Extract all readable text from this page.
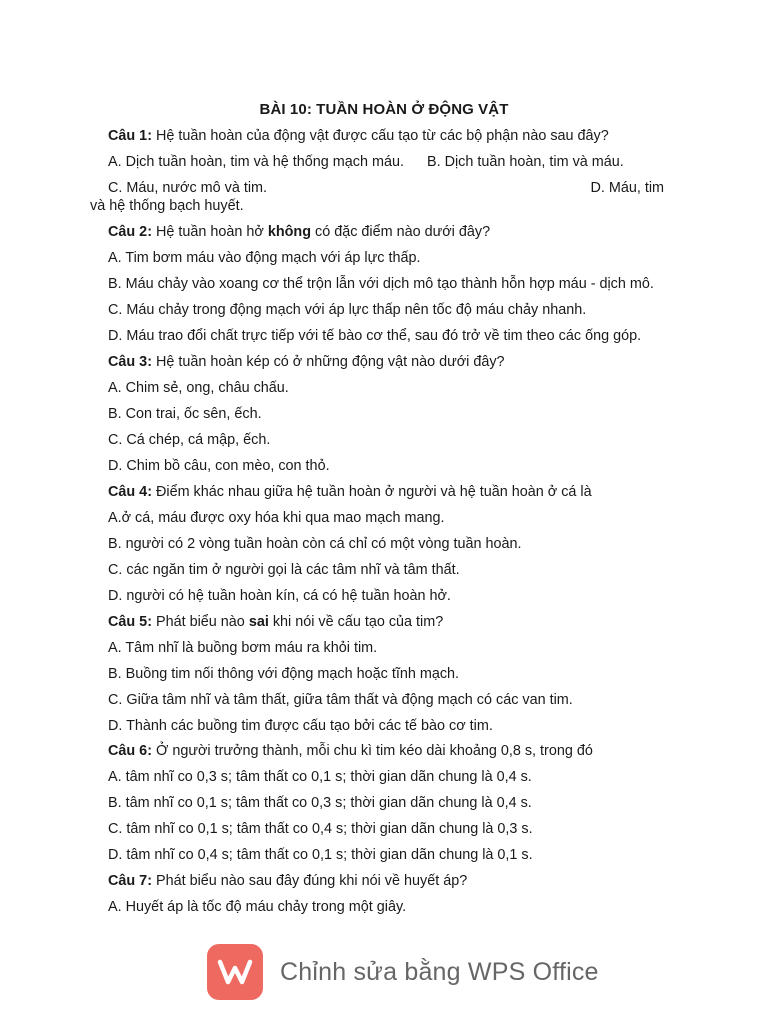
BÀI 10: TUẦN HOÀN Ở ĐỘNG VẬT
Câu 1: Hệ tuần hoàn của động vật được cấu tạo từ các bộ phận nào sau đây?
A. Dịch tuần hoàn, tim và hệ thống mạch máu. B. Dịch tuần hoàn, tim và máu.
C. Máu, nước mô và tim.	D. Máu, tim
và hệ thống bạch huyết.
Câu 2: Hệ tuần hoàn hở không có đặc điểm nào dưới đây?
A. Tim bơm máu vào động mạch với áp lực thấp.
B. Máu chảy vào xoang cơ thể trộn lẫn với dịch mô tạo thành hỗn hợp máu - dịch mô.
C. Máu chảy trong động mạch với áp lực thấp nên tốc độ máu chảy nhanh.
D. Máu trao đổi chất trực tiếp với tế bào cơ thể, sau đó trở về tim theo các ống góp.
Câu 3: Hệ tuần hoàn kép có ở những động vật nào dưới đây?
A. Chim sẻ, ong, châu chấu.
B. Con trai, ốc sên, ếch.
C. Cá chép, cá mập, ếch.
D. Chim bồ câu, con mèo, con thỏ.
Câu 4: Điểm khác nhau giữa hệ tuần hoàn ở người và hệ tuần hoàn ở cá là
A.ở cá, máu được oxy hóa khi qua mao mạch mang.
B. người có 2 vòng tuần hoàn còn cá chỉ có một vòng tuần hoàn.
C. các ngăn tim ở người gọi là các tâm nhĩ và tâm thất.
D. người có hệ tuần hoàn kín, cá có hệ tuần hoàn hở.
Câu 5: Phát biểu nào sai khi nói về cấu tạo của tim?
A. Tâm nhĩ là buồng bơm máu ra khỏi tim.
B. Buồng tim nối thông với động mạch hoặc tĩnh mạch.
C. Giữa tâm nhĩ và tâm thất, giữa tâm thất và động mạch có các van tim.
D. Thành các buồng tim được cấu tạo bởi các tế bào cơ tim.
Câu 6: Ở người trưởng thành, mỗi chu kì tim kéo dài khoảng 0,8 s, trong đó
A. tâm nhĩ co 0,3 s; tâm thất co 0,1 s; thời gian dãn chung là 0,4 s.
B. tâm nhĩ co 0,1 s; tâm thất co 0,3 s; thời gian dãn chung là 0,4 s.
C. tâm nhĩ co 0,1 s; tâm thất co 0,4 s; thời gian dãn chung là 0,3 s.
D. tâm nhĩ co 0,4 s; tâm thất co 0,1 s; thời gian dãn chung là 0,1 s.
Câu 7: Phát biểu nào sau đây đúng khi nói về huyết áp?
A. Huyết áp là tốc độ máu chảy trong một giây.
Chỉnh sửa bằng WPS Office
